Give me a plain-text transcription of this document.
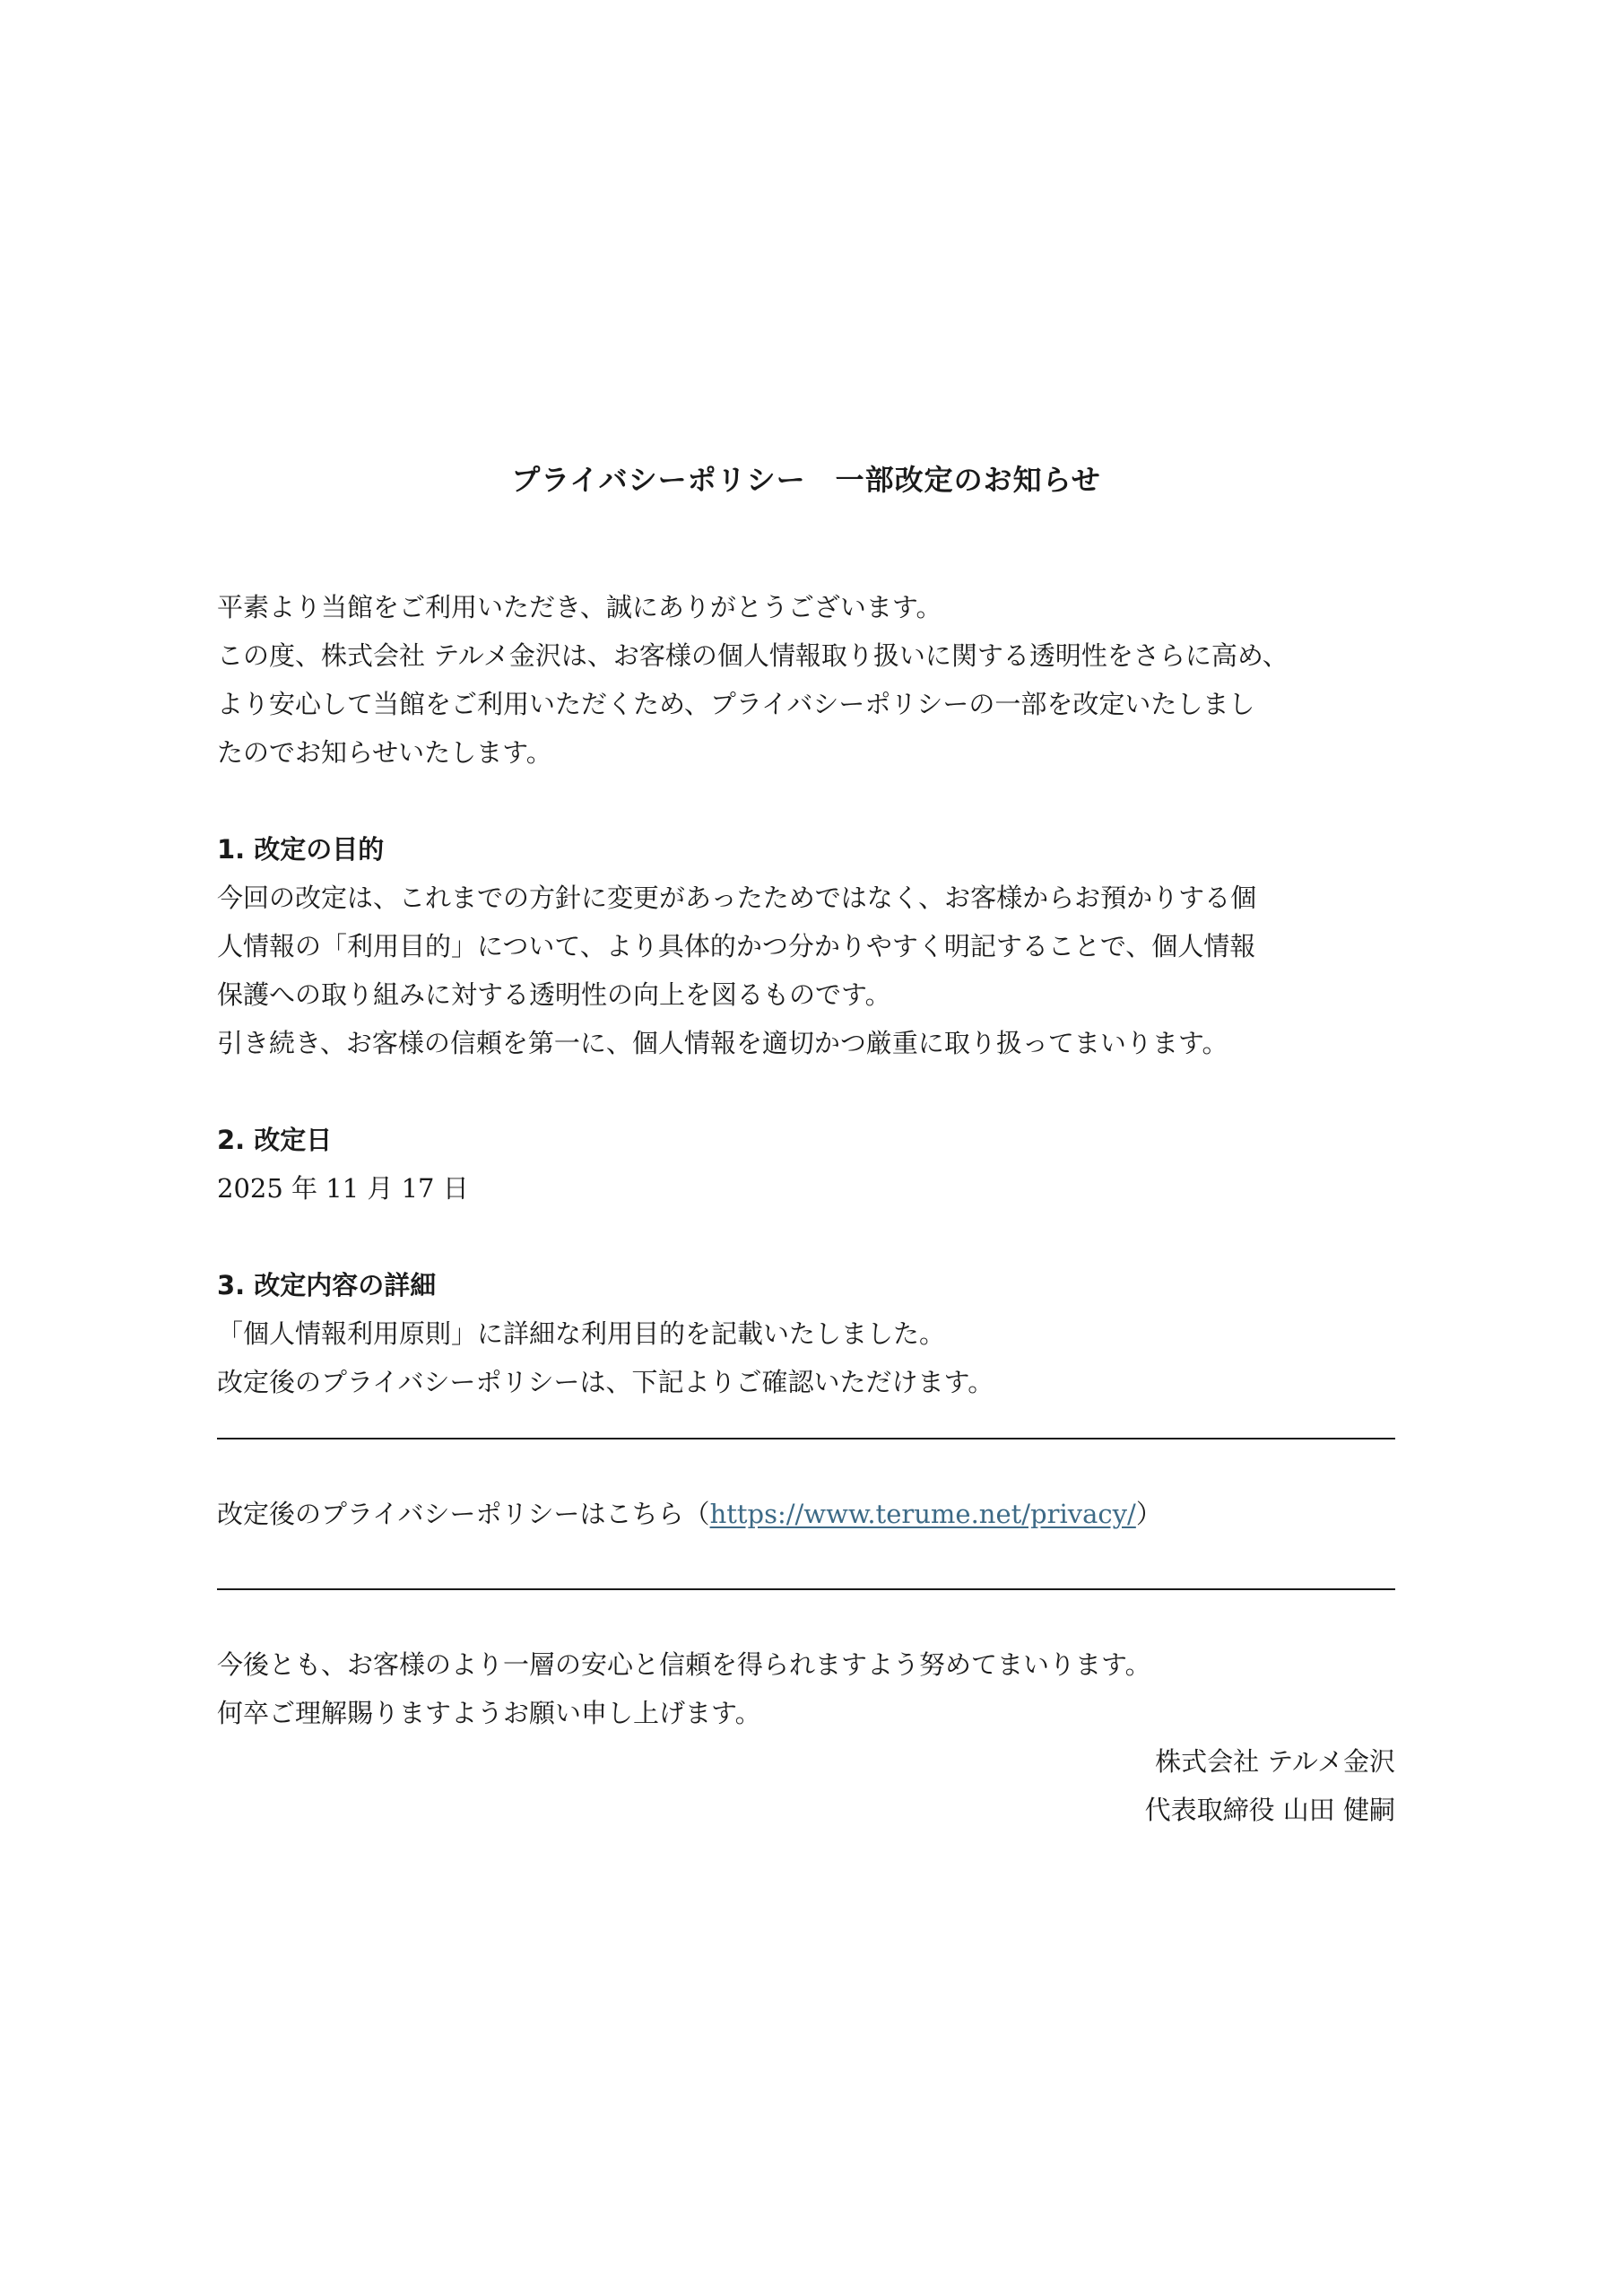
プライバシーポリシー　一部改定のお知らせ

平素より当館をご利用いただき、誠にありがとうございます。

この度、株式会社 テルメ金沢は、お客様の個人情報取り扱いに関する透明性をさらに高め、

より安心して当館をご利用いただくため、プライバシーポリシーの一部を改定いたしまし

たのでお知らせいたします。

1. 改定の目的

今回の改定は、これまでの方針に変更があったためではなく、お客様からお預かりする個

人情報の「利用目的」について、より具体的かつ分かりやすく明記することで、個人情報

保護への取り組みに対する透明性の向上を図るものです。

引き続き、お客様の信頼を第一に、個人情報を適切かつ厳重に取り扱ってまいります。

2. 改定日

2025 年 11 月 17 日

3. 改定内容の詳細

「個人情報利用原則」に詳細な利用目的を記載いたしました。

改定後のプライバシーポリシーは、下記よりご確認いただけます。

改定後のプライバシーポリシーはこちら（https://www.terume.net/privacy/）

今後とも、お客様のより一層の安心と信頼を得られますよう努めてまいります。

何卒ご理解賜りますようお願い申し上げます。

株式会社 テルメ金沢

代表取締役 山田 健嗣
